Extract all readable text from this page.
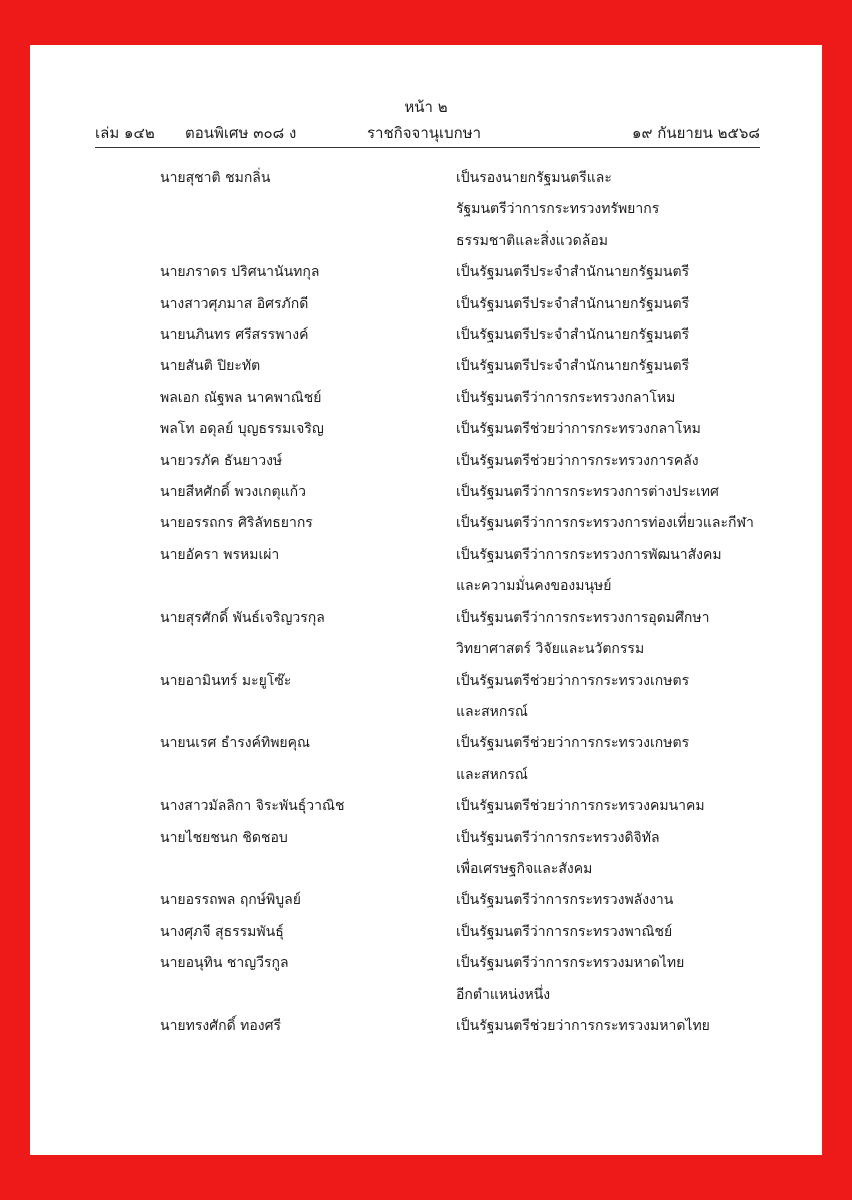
หน้า ๒
เล่ม ๑๔๒ ตอนพิเศษ ๓๐๘ ง	ราชกิจจานุเบกษา	๑๙ กันยายน ๒๕๖๘
นายสุชาติ ชมกลิ่น	เป็นรองนายกรัฐมนตรีและ
รัฐมนตรีว่าการกระทรวงทรัพยากร
ธรรมชาติและสิ่งแวดล้อม
นายภราดร ปริศนานันทกุล	เป็นรัฐมนตรีประจำสำนักนายกรัฐมนตรี
นางสาวศุภมาส อิศรภักดี	เป็นรัฐมนตรีประจำสำนักนายกรัฐมนตรี
นายนภินทร ศรีสรรพางค์	เป็นรัฐมนตรีประจำสำนักนายกรัฐมนตรี
นายสันติ ปิยะทัต	เป็นรัฐมนตรีประจำสำนักนายกรัฐมนตรี
พลเอก ณัฐพล นาคพาณิชย์	เป็นรัฐมนตรีว่าการกระทรวงกลาโหม
พลโท อดุลย์ บุญธรรมเจริญ	เป็นรัฐมนตรีช่วยว่าการกระทรวงกลาโหม
นายวรภัค ธันยาวงษ์	เป็นรัฐมนตรีช่วยว่าการกระทรวงการคลัง
นายสีหศักดิ์ พวงเกตุแก้ว	เป็นรัฐมนตรีว่าการกระทรวงการต่างประเทศ
นายอรรถกร ศิริลัทธยากร	เป็นรัฐมนตรีว่าการกระทรวงการท่องเที่ยวและกีฬา
นายอัครา พรหมเผ่า	เป็นรัฐมนตรีว่าการกระทรวงการพัฒนาสังคม
และความมั่นคงของมนุษย์
นายสุรศักดิ์ พันธ์เจริญวรกุล	เป็นรัฐมนตรีว่าการกระทรวงการอุดมศึกษา
วิทยาศาสตร์ วิจัยและนวัตกรรม
นายอามินทร์ มะยูโซ๊ะ	เป็นรัฐมนตรีช่วยว่าการกระทรวงเกษตร
และสหกรณ์
นายนเรศ ธำรงค์ทิพยคุณ	เป็นรัฐมนตรีช่วยว่าการกระทรวงเกษตร
และสหกรณ์
นางสาวมัลลิกา จิระพันธุ์วาณิช	เป็นรัฐมนตรีช่วยว่าการกระทรวงคมนาคม
นายไชยชนก ชิดชอบ	เป็นรัฐมนตรีว่าการกระทรวงดิจิทัล
เพื่อเศรษฐกิจและสังคม
นายอรรถพล ฤกษ์พิบูลย์	เป็นรัฐมนตรีว่าการกระทรวงพลังงาน
นางศุภจี สุธรรมพันธุ์	เป็นรัฐมนตรีว่าการกระทรวงพาณิชย์
นายอนุทิน ชาญวีรกูล	เป็นรัฐมนตรีว่าการกระทรวงมหาดไทย
อีกตำแหน่งหนึ่ง
นายทรงศักดิ์ ทองศรี	เป็นรัฐมนตรีช่วยว่าการกระทรวงมหาดไทย
